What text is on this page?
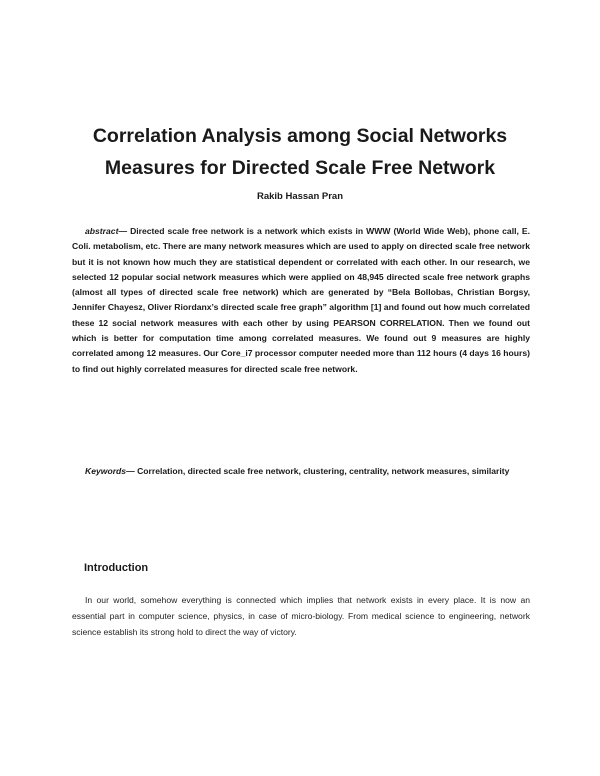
Correlation Analysis among Social Networks Measures for Directed Scale Free Network

Rakib Hassan Pran

abstract— Directed scale free network is a network which exists in WWW (World Wide Web), phone call, E. Coli. metabolism, etc. There are many network measures which are used to apply on directed scale free network but it is not known how much they are statistical dependent or correlated with each other. In our research, we selected 12 popular social network measures which were applied on 48,945 directed scale free network graphs (almost all types of directed scale free network) which are generated by “Bela Bollobas, Christian Borgsy, Jennifer Chayesz, Oliver Riordanx’s directed scale free graph” algorithm [1] and found out how much correlated these 12 social network measures with each other by using PEARSON CORRELATION. Then we found out which is better for computation time among correlated measures. We found out 9 measures are highly correlated among 12 measures. Our Core_i7 processor computer needed more than 112 hours (4 days 16 hours) to find out highly correlated measures for directed scale free network.

Keywords— Correlation, directed scale free network, clustering, centrality, network measures, similarity

Introduction

In our world, somehow everything is connected which implies that network exists in every place. It is now an essential part in computer science, physics, in case of micro-biology. From medical science to engineering, network science establish its strong hold to direct the way of victory.
